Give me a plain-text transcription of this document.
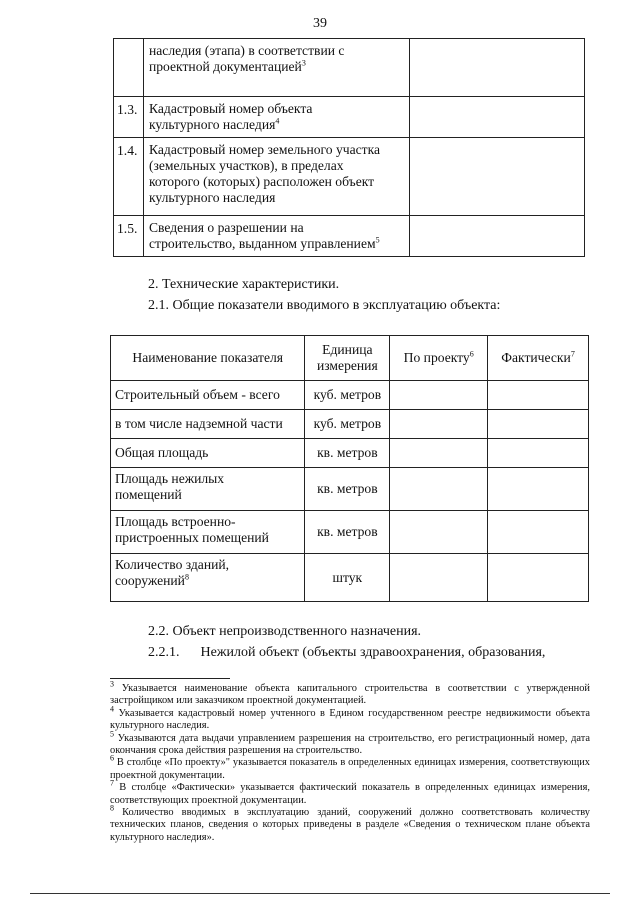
39
	наследия (этапа) в соответствии с
проектной документацией$^3$	
1.3.	Кадастровый номер объекта
культурного наследия$^4$	
1.4.	Кадастровый номер земельного участка
(земельных участков), в пределах
которого (которых) расположен объект
культурного наследия	
1.5.	Сведения о разрешении на
строительство, выданном управлением$^5$	
2. Технические характеристики.
2.1. Общие показатели вводимого в эксплуатацию объекта:
Наименование показателя	Единица
измерения	По проекту$^6$	Фактически$^7$
Строительный объем - всего	куб. метров		
в том числе надземной части	куб. метров		
Общая площадь	кв. метров		
Площадь нежилых
помещений	кв. метров		
Площадь встроенно-
пристроенных помещений	кв. метров		
Количество зданий,
сооружений$^8$	штук		
2.2. Объект непроизводственного назначения.
2.2.1.      Нежилой объект (объекты здравоохранения, образования,

$^3$ Указывается наименование объекта капитального строительства в соответствии с утвержденной застройщиком или заказчиком проектной документацией.

$^4$ Указывается кадастровый номер учтенного в Едином государственном реестре недвижимости объекта культурного наследия.

$^5$ Указываются дата выдачи управлением разрешения на строительство, его регистрационный номер, дата окончания срока действия разрешения на строительство.

$^6$ В столбце «По проекту»" указывается показатель в определенных единицах измерения, соответствующих проектной документации.

$^7$ В столбце «Фактически» указывается фактический показатель в определенных единицах измерения, соответствующих проектной документации.

$^8$ Количество вводимых в эксплуатацию зданий, сооружений должно соответствовать количеству технических планов, сведения о которых приведены в разделе «Сведения о техническом плане объекта культурного наследия».
